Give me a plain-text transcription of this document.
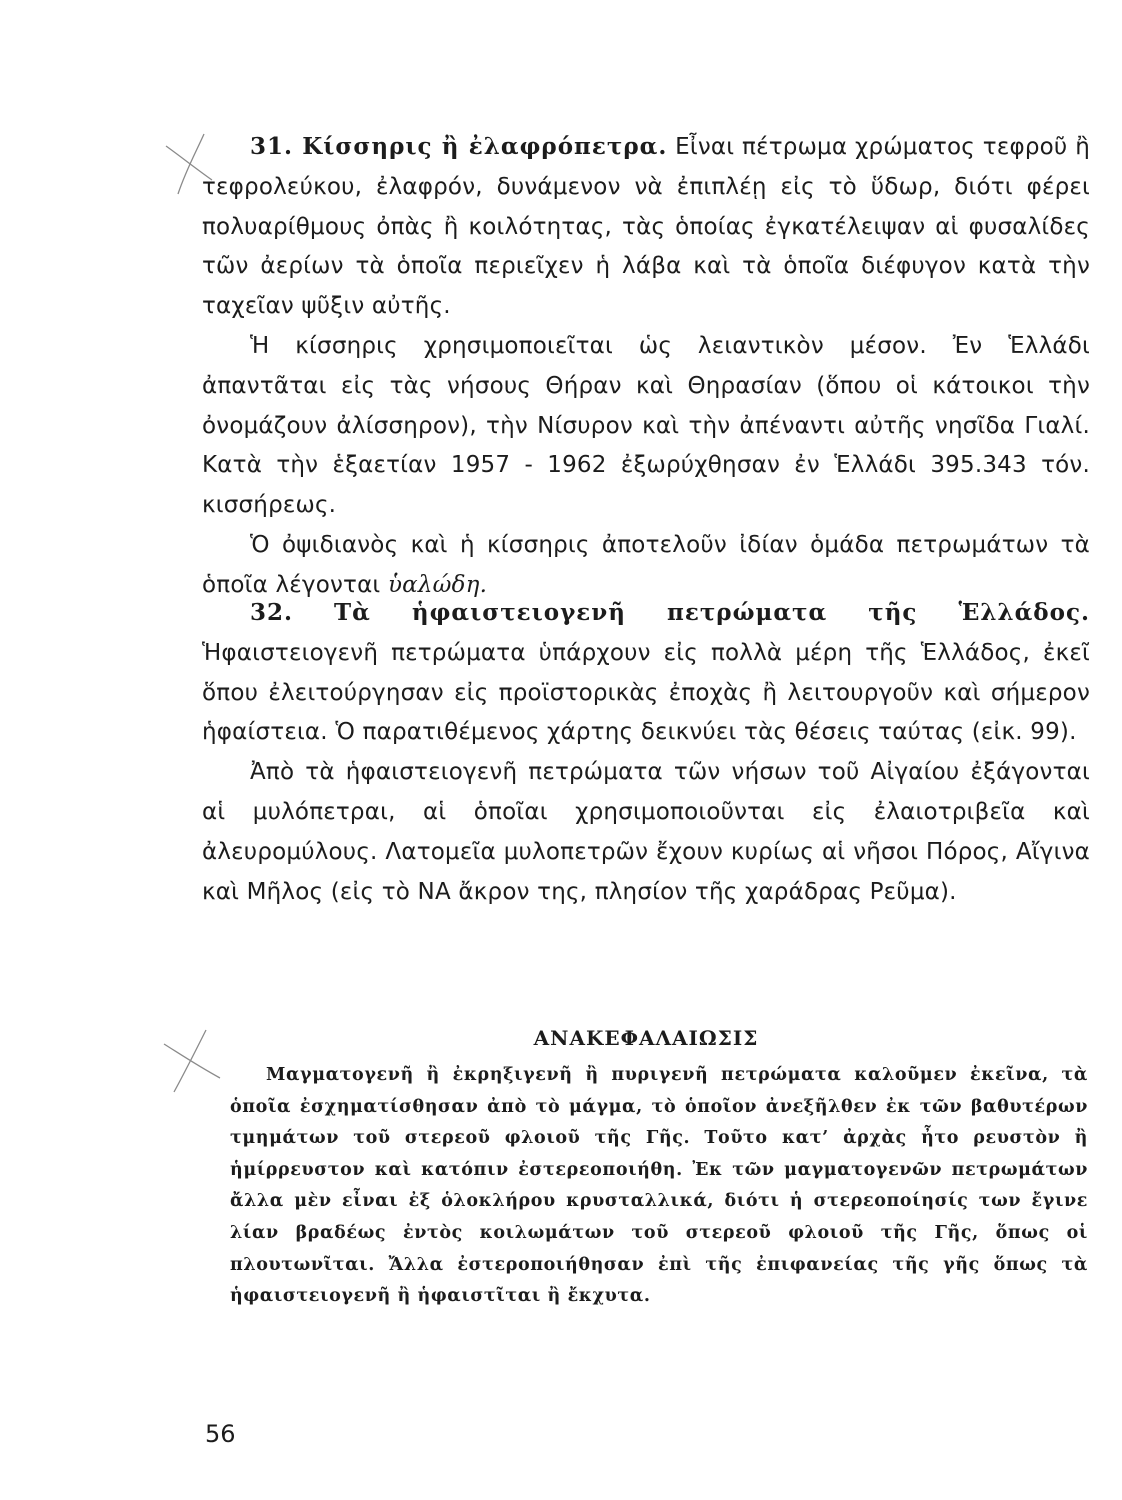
31. Κίσσηρις ἢ ἐλαφρόπετρα. Εἶναι πέτρωμα χρώματος τεφροῦ ἢ τεφρολεύκου, ἐλαφρόν, δυνάμενον νὰ ἐπιπλέῃ εἰς τὸ ὕδωρ, διότι φέρει πολυαρίθμους ὀπὰς ἢ κοιλότητας, τὰς ὁποίας ἐγκατέλειψαν αἱ φυσαλίδες τῶν ἀερίων τὰ ὁποῖα περιεῖχεν ἡ λάβα καὶ τὰ ὁποῖα διέφυγον κατὰ τὴν ταχεῖαν ψῦξιν αὐτῆς.

Ἡ κίσσηρις χρησιμοποιεῖται ὡς λειαντικὸν μέσον. Ἐν Ἑλλάδι ἀπαντᾶται εἰς τὰς νήσους Θήραν καὶ Θηρασίαν (ὅπου οἱ κάτοικοι τὴν ὀνομάζουν ἀλίσσηρον), τὴν Νίσυρον καὶ τὴν ἀπέναντι αὐτῆς νησῖδα Γιαλί. Κατὰ τὴν ἑξαετίαν 1957 - 1962 ἐξωρύχθησαν ἐν Ἑλλάδι 395.343 τόν. κισσήρεως.

Ὁ ὀψιδιανὸς καὶ ἡ κίσσηρις ἀποτελοῦν ἰδίαν ὁμάδα πετρωμάτων τὰ ὁποῖα λέγονται ὑαλώδη.

32. Τὰ ἡφαιστειογενῆ πετρώματα τῆς Ἑλλάδος. Ἡφαιστειογενῆ πετρώματα ὑπάρχουν εἰς πολλὰ μέρη τῆς Ἑλλάδος, ἐκεῖ ὅπου ἐλειτούργησαν εἰς προϊστορικὰς ἐποχὰς ἢ λειτουργοῦν καὶ σήμερον ἡφαίστεια. Ὁ παρατιθέμενος χάρτης δεικνύει τὰς θέσεις ταύτας (εἰκ. 99).

Ἀπὸ τὰ ἡφαιστειογενῆ πετρώματα τῶν νήσων τοῦ Αἰγαίου ἐξάγονται αἱ μυλόπετραι, αἱ ὁποῖαι χρησιμοποιοῦνται εἰς ἐλαιοτριβεῖα καὶ ἀλευρομύλους. Λατομεῖα μυλοπετρῶν ἔχουν κυρίως αἱ νῆσοι Πόρος, Αἴγινα καὶ Μῆλος (εἰς τὸ ΝΑ ἄκρον της, πλησίον τῆς χαράδρας Ρεῦμα).

ΑΝΑΚΕΦΑΛΑΙΩΣΙΣ
Μαγματογενῆ ἢ ἐκρηξιγενῆ ἢ πυριγενῆ πετρώματα καλοῦμεν ἐκεῖνα, τὰ ὁποῖα ἐσχηματίσθησαν ἀπὸ τὸ μάγμα, τὸ ὁποῖον ἀνεξῆλθεν ἐκ τῶν βαθυτέρων τμημάτων τοῦ στερεοῦ φλοιοῦ τῆς Γῆς. Τοῦτο κατ’ ἀρχὰς ἦτο ρευστὸν ἢ ἡμίρρευστον καὶ κατόπιν ἐστερεοποιήθη. Ἐκ τῶν μαγματογενῶν πετρωμάτων ἄλλα μὲν εἶναι ἐξ ὁλοκλήρου κρυσταλλικά, διότι ἡ στερεοποίησίς των ἔγινε λίαν βραδέως ἐντὸς κοιλωμάτων τοῦ στερεοῦ φλοιοῦ τῆς Γῆς, ὅπως οἱ πλουτωνῖται. Ἄλλα ἐστεροποιήθησαν ἐπὶ τῆς ἐπιφανείας τῆς γῆς ὅπως τὰ ἡφαιστειογενῆ ἢ ἡφαιστῖται ἢ ἔκχυτα.
56
